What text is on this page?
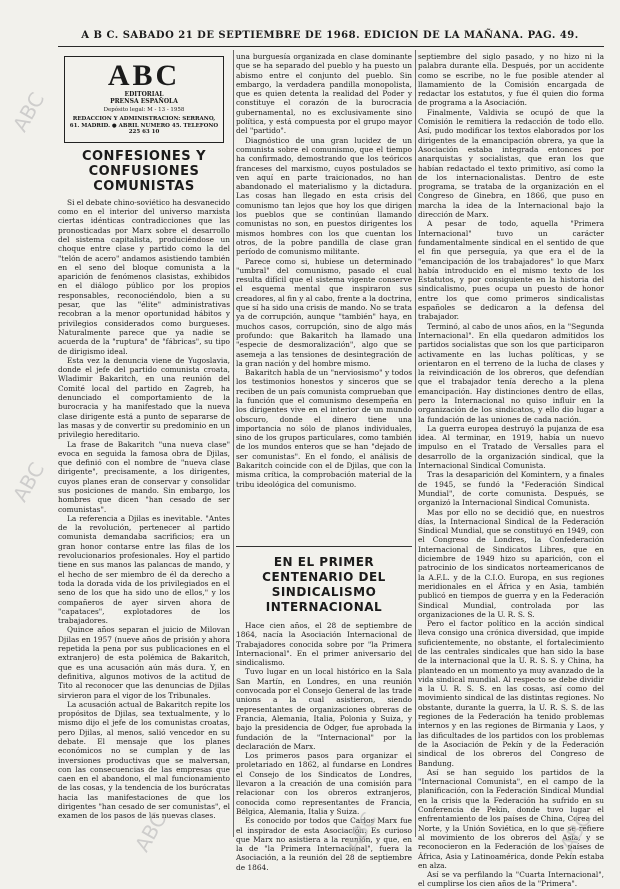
A B C. SABADO 21 DE SEPTIEMBRE DE 1968. EDICION DE LA MAÑANA. PAG. 49.
ABC
EDITORIAL
PRENSA ESPAÑOLA
Depósito legal: M - 13 - 1958
REDACCION Y ADMINISTRACION: SERRANO, 61. MADRID. ● ABRIL NUMERO 45. TELEFONO 225 63 10
CONFESIONES Y CONFUSIONES COMUNISTAS

Si el debate chino-soviético ha desvanecido como en el interior del universo marxista ciertas idénticas contradicciones que las pronosticadas por Marx sobre el desarrollo del sistema capitalista, produciéndose un choque entre clase y partido como la del "telón de acero" andamos asistiendo también en el seno del bloque comunista a la aparición de fenómenos clasistas, exhibidos en el diálogo público por los propios responsables, reconociéndolo, bien a su pesar, que las "élite" administrativas recobran a la menor oportunidad hábitos y privilegios considerados como burgueses. Naturalmente parece que ya nadie se acuerda de la "ruptura" de "fábricas", su tipo de dirigismo ideal.

Esta vez la denuncia viene de Yugoslavia, donde el jefe del partido comunista croata, Wladimir Bakaritch, en una reunión del Comité local del partido en Zagreb, ha denunciado el comportamiento de la burocracia y ha manifestado que la nueva clase dirigente está a punto de separarse de las masas y de convertir su predominio en un privilegio hereditario.

La frase de Bakaritch "una nueva clase" evoca en seguida la famosa obra de Djilas, que definió con el nombre de "nueva clase dirigente", precisamente, a los dirigentes, cuyos planes eran de conservar y consolidar sus posiciones de mando. Sin embargo, los hombres que dicen "han cesado de ser comunistas".

La referencia a Djilas es inevitable. "Antes de la revolución, pertenecer al partido comunista demandaba sacrificios; era un gran honor contarse entre las filas de los revolucionarios profesionales. Hoy el partido tiene en sus manos las palancas de mando, y el hecho de ser miembro de él da derecho a toda la dorada vida de los privilegiados en el seno de los que ha sido uno de ellos," y los compañeros de ayer sirven ahora de "capataces", explotadores de los trabajadores.

Quince años separan el juicio de Milovan Djilas en 1957 (nueve años de prisión y ahora repetida la pena por sus publicaciones en el extranjero) de esta polémica de Bakaritch, que es una acusación aún más dura. Y, en definitiva, algunos motivos de la actitud de Tito al reconocer que las denuncias de Djilas sirvieron para el vigor de los Tribunales.

La acusación actual de Bakaritch repite los propósitos de Djilas, sea textualmente, y lo mismo dijo el jefe de los comunistas croatas, pero Djilas, al menos, salió vencedor en su debate. El mensaje que los planes económicos no se cumplan y de las inversiones productivas que se malversan, con las consecuencias de las empresas que caen en el abandono, el mal funcionamiento de las cosas, y la tendencia de los burócratas hacia las manifestaciones de que los dirigentes "han cesado de ser comunistas", el examen de los pasos de las nuevas clases.

una burguesía organizada en clase dominante que se ha separado del pueblo y ha puesto un abismo entre el conjunto del pueblo. Sin embargo, la verdadera pandilla monopolista, que es quien detenta la realidad del Poder y constituye el corazón de la burocracia gubernamental, no es exclusivamente sino política, y está compuesta por el grupo mayor del "partido".

Diagnóstico de una gran lucidez de un comunista sobre el comunismo, que el tiempo ha confirmado, demostrando que los teóricos franceses del marxismo, cuyos postulados se ven aquí en parte traicionados, no han abandonado el materialismo y la dictadura. Las cosas han llegado en esta crisis del comunismo tan lejos que hoy los que dirigen los pueblos que se continúan llamando comunistas no son, en puestos dirigentes los mismos hombres con los que cuentan los otros, de la pobre pandilla de clase gran período de comunismo militante.

Parece como si, hubiese un determinado "umbral" del comunismo, pasado el cual resulta difícil que el sistema vigente conserve el esquema mental que inspiraron sus creadores, al fin y al cabo, frente a la doctrina, que sí ha sido una crisis de mando. No se trata ya de corrupción, aunque "también" haya, en muchos casos, corrupción, sino de algo más profundo: que Bakaritch ha llamado una "especie de desmoralización", algo que se asemeja a las tensiones de desintegración de la gran nación y del hombre mismo.

Bakaritch habla de un "nerviosismo" y todos los testimonios honestos y sinceros que se reciben de un país comunista comprueban que la función que el comunismo desempeña en los dirigentes vive en el interior de un mundo obscuro, donde el dinero tiene una importancia no sólo de planos individuales, sino de los grupos particulares, como también de los mundos enteros que se han "dejado de ser comunistas". En el fondo, el análisis de Bakaritch coincide con el de Djilas, que con la misma crítica, la comprobación material de la tribu ideológica del comunismo.

EN EL PRIMER CENTENARIO DEL SINDICALISMO INTERNACIONAL

Hace cien años, el 28 de septiembre de 1864, nacía la Asociación Internacional de Trabajadores conocida sobre por "la Primera Internacional". En el primer aniversario del sindicalismo.

Tuvo lugar en un local histórico en la Sala San Martín, en Londres, en una reunión convocada por el Consejo General de las trade unions a la cual asistieron, siendo representantes de organizaciones obreras de Francia, Alemania, Italia, Polonia y Suiza, y bajo la presidencia de Odger, fue aprobada la fundación de la "Internacional" por la declaración de Marx.

Los primeros pasos para organizar el proletariado en 1862, al fundarse en Londres el Consejo de los Sindicatos de Londres, llevaron a la creación de una comisión para relacionar con los obreros extranjeros, conocida como representantes de Francia, Bélgica, Alemania, Italia y Suiza.

Es conocido por todos que Carlos Marx fue el inspirador de esta Asociación. Es curioso que Marx no asistiera a la reunión, y que, en la de "la Primera Internacional", fuera la Asociación, a la reunión del 28 de septiembre de 1864.

septiembre del siglo pasado, y no hizo ni la palabra durante ella. Después, por un accidente como se escribe, no le fue posible atender al llamamiento de la Comisión encargada de redactar los estatutos, y fue él quien dio forma de programa a la Asociación.

Finalmente, Valdivia se ocupó de que la Comisión le remitiera la redacción de todo ello. Así, pudo modificar los textos elaborados por los dirigentes de la emancipación obrera, ya que la Asociación estaba integrada entonces por anarquistas y socialistas, que eran los que habían redactado el texto primitivo, así como la de los internacionalistas. Dentro de este programa, se trataba de la organización en el Congreso de Ginebra, en 1866, que puso en marcha la idea de la Internacional bajo la dirección de Marx.

A pesar de todo, aquella "Primera Internacional" tuvo un carácter fundamentalmente sindical en el sentido de que el fin que perseguía, ya que era el de la "emancipación de los trabajadores" lo que Marx había introducido en el mismo texto de los Estatutos, y por consiguiente en la historia del sindicalismo, pues ocupa un puesto de honor entre los que como primeros sindicalistas españoles se dedicaron a la defensa del trabajador.

Terminó, al cabo de unos años, en la "Segunda Internacional". En ella quedaron admitidos los partidos socialistas que son los que participaron activamente en las luchas políticas, y se orientaron en el terreno de la lucha de clases y la reivindicación de los obreros, que defendían que el trabajador tenía derecho a la plena emancipación. Hay distinciones dentro de ellas, pero la Internacional no quiso influir en la organización de los sindicatos, y ello dio lugar a la fundación de las uniones de cada nación.

La guerra europea destruyó la pujanza de esa idea. Al terminar, en 1919, había un nuevo impulso en el Tratado de Versalles para el desarrollo de la organización sindical, que la Internacional Sindical Comunista.

Tras la desaparición del Komintern, y a finales de 1945, se fundó la "Federación Sindical Mundial", de corte comunista. Después, se organizó la Internacional Sindical Comunista.

Mas por ello no se decidió que, en nuestros días, la Internacional Sindical de la Federación Sindical Mundial, que se constituyó en 1949, con el Congreso de Londres, la Confederación Internacional de Sindicatos Libres, que en diciembre de 1949 hizo su aparición, con el patrocinio de los sindicatos norteamericanos de la A.F.L. y de la C.I.O. Europa, en sus regiones meridionales en el África y en Asia, también publicó en tiempos de guerra y en la Federación Sindical Mundial, controlada por las organizaciones de la U. R. S. S.

Pero el factor político en la acción sindical lleva consigo una crónica diversidad, que impide suficientemente, no obstante, el fortalecimiento de las centrales sindicales que han sido la base de la internacional que la U. R. S. S. y China, ha planteado en un momento ya muy avanzado de la vida sindical mundial. Al respecto se debe dividir a la U. R. S. S. en las cosas, así como del movimiento sindical de las distintas regiones. No obstante, durante la guerra, la U. R. S. S. de las regiones de la Federación ha tenido problemas internos y en las regiones de Birmania y Laos, y las dificultades de los partidos con los problemas de la Asociación de Pekín y de la Federación sindical de los obreros del Congreso de Bandung.

Así se han seguido los partidos de la "Internacional Comunista", en el campo de la planificación, con la Federación Sindical Mundial en la crisis que la Federación ha sufrido en su Conferencia de Pekín, donde tuvo lugar el enfrentamiento de los países de China, Corea del Norte, y la Unión Soviética, en lo que se refiere al movimiento de los obreros del Asia, y se reconocieron en la Federación de los países de África, Asia y Latinoamérica, donde Pekín estaba en alza.

Así se va perfilando la "Cuarta Internacional", el cumplirse los cien años de la "Primera".

ABC
ABC
ABC	ABC	ABC
